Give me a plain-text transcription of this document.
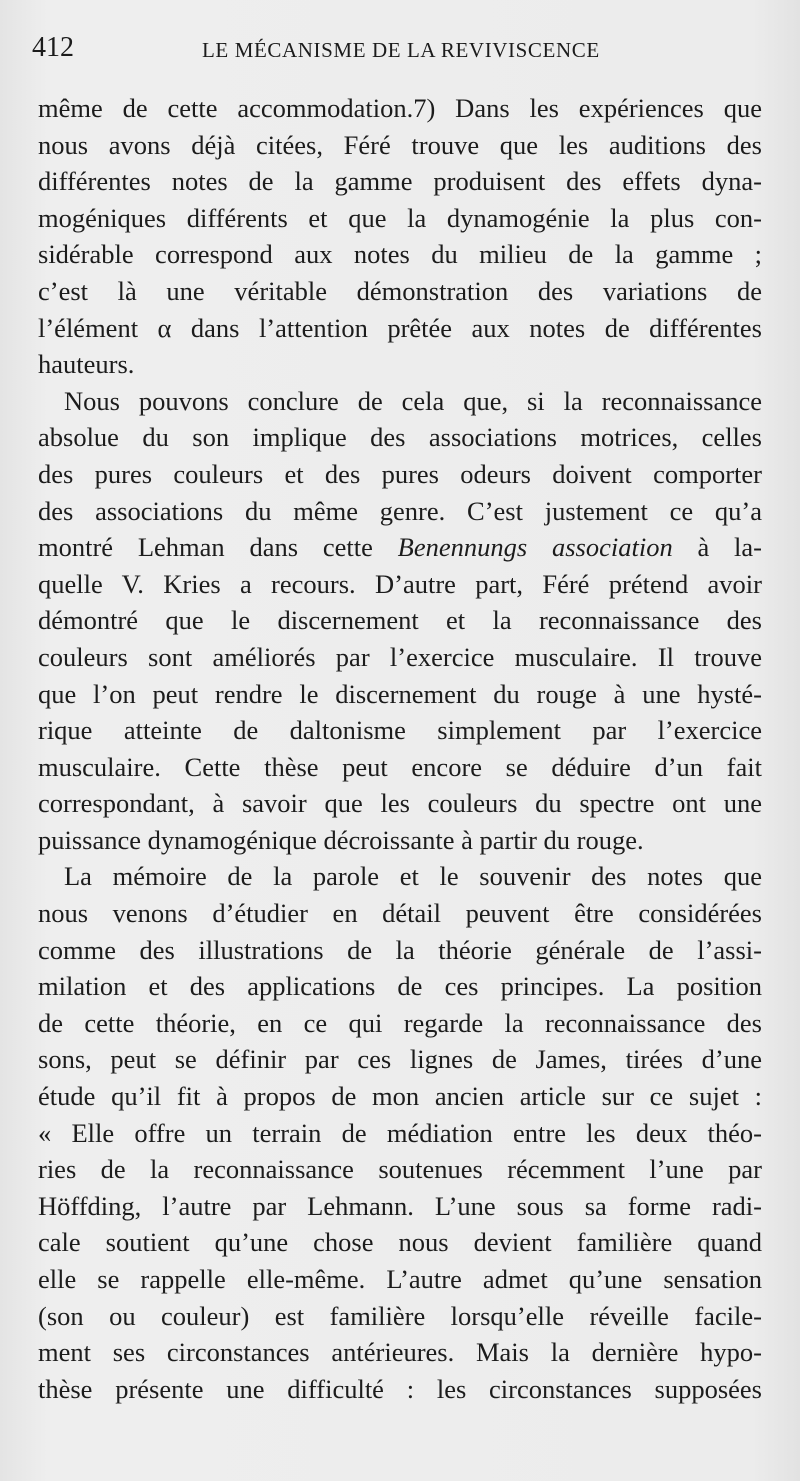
412	LE MÉCANISME DE LA REVIVISCENCE
même de cette accommodation.7) Dans les expériences que
nous avons déjà citées, Féré trouve que les auditions des
différentes notes de la gamme produisent des effets dyna-
mogéniques différents et que la dynamogénie la plus con-
sidérable correspond aux notes du milieu de la gamme ;
c’est là une véritable démonstration des variations de
l’élément α dans l’attention prêtée aux notes de différentes
hauteurs.
Nous pouvons conclure de cela que, si la reconnaissance
absolue du son implique des associations motrices, celles
des pures couleurs et des pures odeurs doivent comporter
des associations du même genre. C’est justement ce qu’a
montré Lehman dans cette Benennungs association à la-
quelle V. Kries a recours. D’autre part, Féré prétend avoir
démontré que le discernement et la reconnaissance des
couleurs sont améliorés par l’exercice musculaire. Il trouve
que l’on peut rendre le discernement du rouge à une hysté-
rique atteinte de daltonisme simplement par l’exercice
musculaire. Cette thèse peut encore se déduire d’un fait
correspondant, à savoir que les couleurs du spectre ont une
puissance dynamogénique décroissante à partir du rouge.
La mémoire de la parole et le souvenir des notes que
nous venons d’étudier en détail peuvent être considérées
comme des illustrations de la théorie générale de l’assi-
milation et des applications de ces principes. La position
de cette théorie, en ce qui regarde la reconnaissance des
sons, peut se définir par ces lignes de James, tirées d’une
étude qu’il fit à propos de mon ancien article sur ce sujet :
« Elle offre un terrain de médiation entre les deux théo-
ries de la reconnaissance soutenues récemment l’une par
Höffding, l’autre par Lehmann. L’une sous sa forme radi-
cale soutient qu’une chose nous devient familière quand
elle se rappelle elle-même. L’autre admet qu’une sensation
(son ou couleur) est familière lorsqu’elle réveille facile-
ment ses circonstances antérieures. Mais la dernière hypo-
thèse présente une difficulté : les circonstances supposées
